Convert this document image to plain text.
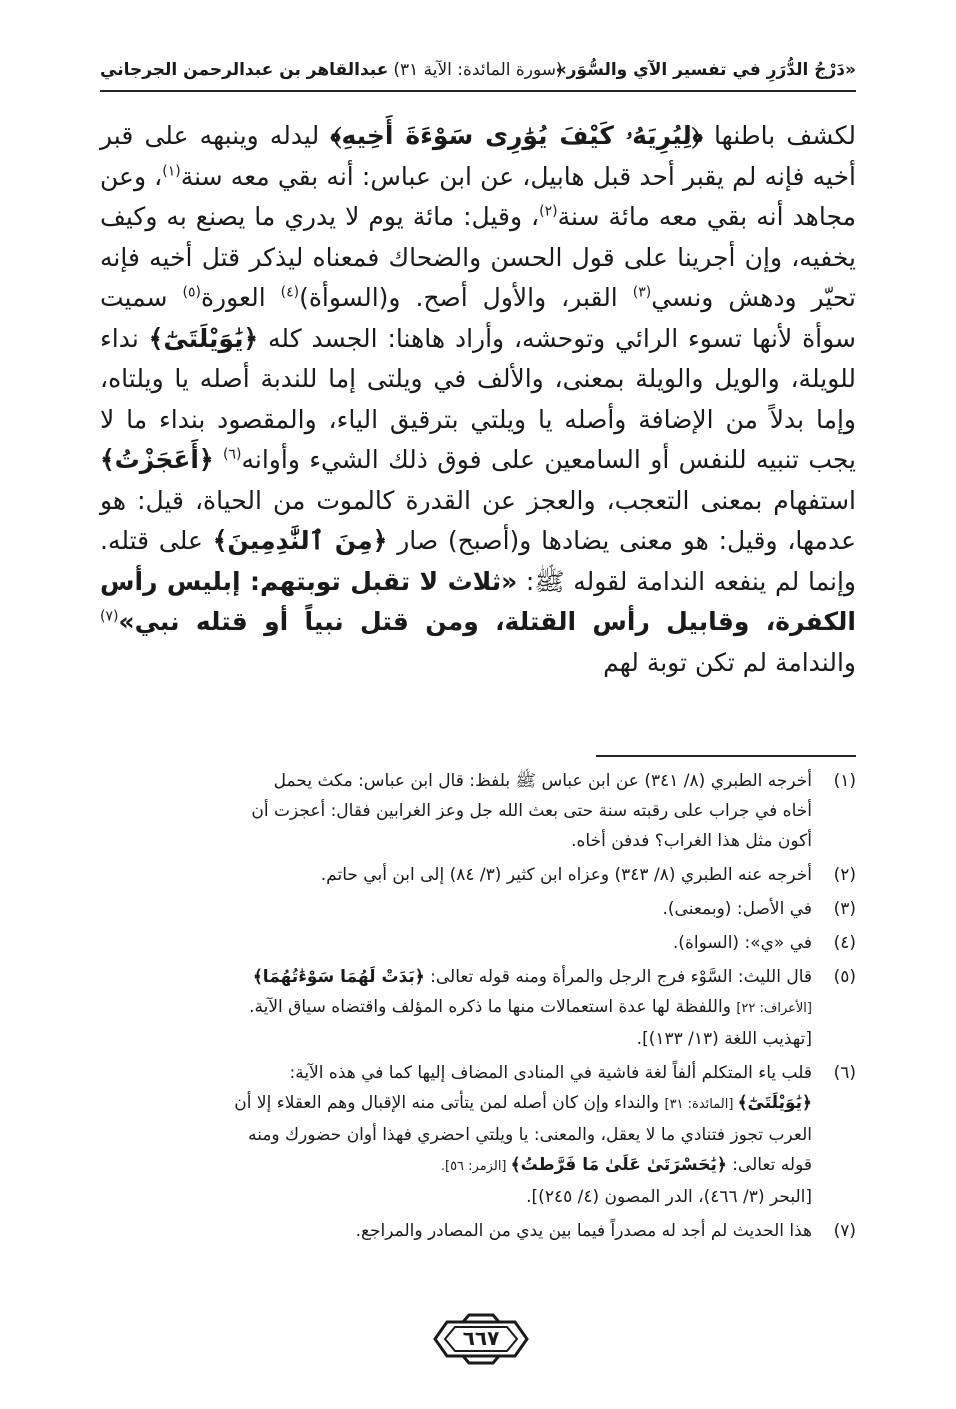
«دَرْجُ الدُّرَرِ في تفسير الآي والسُّوَر»
(سورة المائدة: الآية ٣١)
عبدالقاهر بن عبدالرحمن الجرجاني

لكشف باطنها ﴿لِيُرِيَهُۥ كَيْفَ يُوَٰرِى سَوْءَةَ أَخِيهِ﴾ ليدله وينبهه على قبر أخيه فإنه لم يقبر أحد قبل هابيل، عن ابن عباس: أنه بقي معه سنة$^{(١)}$، وعن مجاهد أنه بقي معه مائة سنة$^{(٢)}$، وقيل: مائة يوم لا يدري ما يصنع به وكيف يخفيه، وإن أجرينا على قول الحسن والضحاك فمعناه ليذكر قتل أخيه فإنه تحيّر ودهش ونسي$^{(٣)}$ القبر، والأول أصح. و(السوأة)$^{(٤)}$ العورة$^{(٥)}$ سميت سوأة لأنها تسوء الرائي وتوحشه، وأراد هاهنا: الجسد كله ﴿يَٰوَيْلَتَىٰٓ﴾ نداء للويلة، والويل والويلة بمعنى، والألف في ويلتى إما للندبة أصله يا ويلتاه، وإما بدلاً من الإضافة وأصله يا ويلتي بترقيق الياء، والمقصود بنداء ما لا يجب تنبيه للنفس أو السامعين على فوق ذلك الشيء وأوانه$^{(٦)}$ ﴿أَعَجَزْتُ﴾ استفهام بمعنى التعجب، والعجز عن القدرة كالموت من الحياة، قيل: هو عدمها، وقيل: هو معنى يضادها و(أصبح) صار ﴿مِنَ ٱلنَّٰدِمِينَ﴾ على قتله. وإنما لم ينفعه الندامة لقوله ﷺ: «ثلاث لا تقبل توبتهم: إبليس رأس الكفرة، وقابيل رأس القتلة، ومن قتل نبياً أو قتله نبي»$^{(٧)}$ والندامة لم تكن توبة لهم

(١)
أخرجه الطبري (٨/ ٣٤١) عن ابن عباس ﷺ بلفظ: قال ابن عباس: مكث يحمل
أخاه في جراب على رقبته سنة حتى بعث الله جل وعز الغرابين فقال: أعجزت أن
أكون مثل هذا الغراب؟ فدفن أخاه.
(٢)
أخرجه عنه الطبري (٨/ ٣٤٣) وعزاه ابن كثير (٣/ ٨٤) إلى ابن أبي حاتم.
(٣)
في الأصل: (وبمعنى).
(٤)
في «ي»: (السواة).
(٥)
قال الليث: السَّوْء فرج الرجل والمرأة ومنه قوله تعالى: ﴿بَدَتْ لَهُمَا سَوْءَٰتُهُمَا﴾
[الأعراف: ٢٢] واللفظة لها عدة استعمالات منها ما ذكره المؤلف واقتضاه سياق الآية.
[تهذيب اللغة (١٣/ ١٣٣)].
(٦)
قلب ياء المتكلم ألفاً لغة فاشية في المنادى المضاف إليها كما في هذه الآية:
﴿يَٰوَيْلَتَىٰٓ﴾ [المائدة: ٣١] والنداء وإن كان أصله لمن يتأتى منه الإقبال وهم العقلاء إلا أن
العرب تجوز فتنادي ما لا يعقل، والمعنى: يا ويلتي احضري فهذا أوان حضورك ومنه
قوله تعالى: ﴿يَٰحَسْرَتَىٰ عَلَىٰ مَا فَرَّطتُ﴾ [الزمر: ٥٦].
[البحر (٣/ ٤٦٦)، الدر المصون (٤/ ٢٤٥)].
(٧)
هذا الحديث لم أجد له مصدراً فيما بين يدي من المصادر والمراجع.
٦٦٧
